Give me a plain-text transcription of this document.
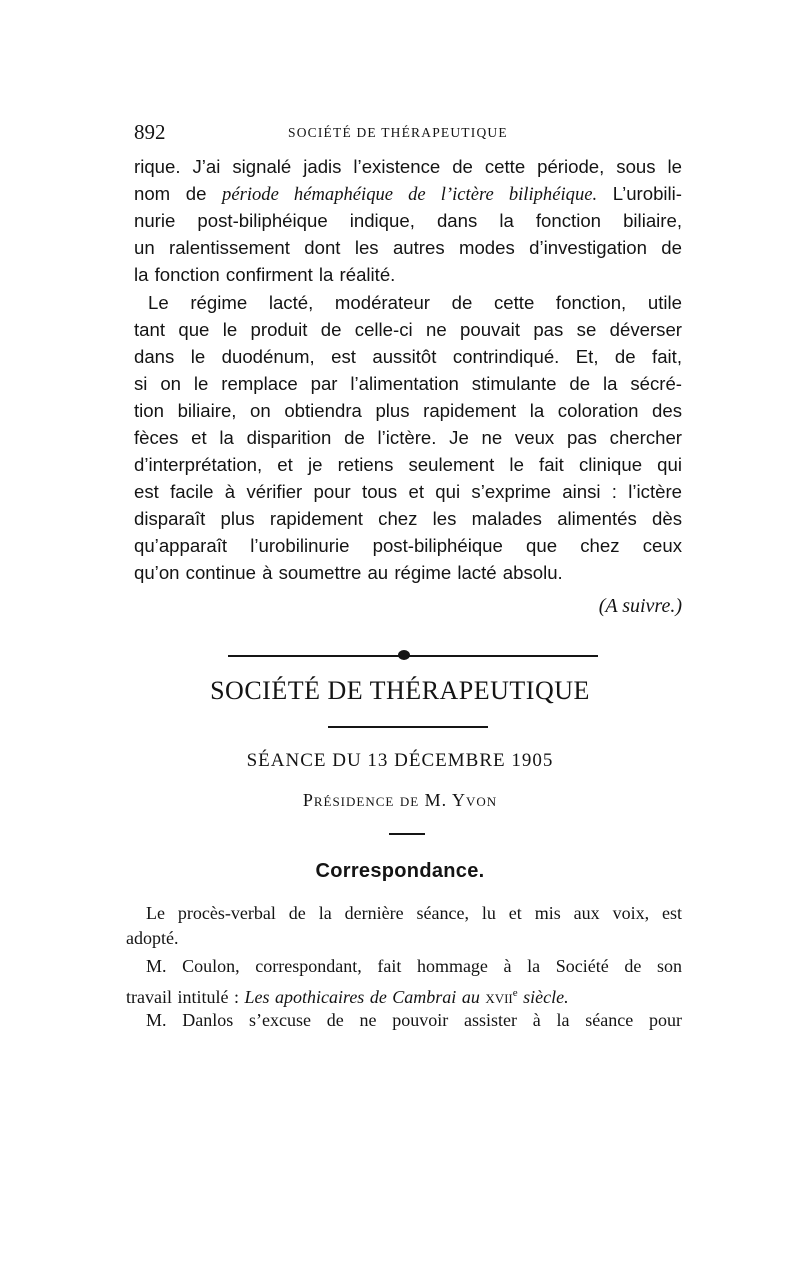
892	SOCIÉTÉ DE THÉRAPEUTIQUE
rique. J’ai signalé jadis l’existence de cette période, sous le
nom de période hémaphéique de l’ictère biliphéique. L’urobili-
nurie post-biliphéique indique, dans la fonction biliaire,
un ralentissement dont les autres modes d’investigation de
la fonction confirment la réalité.
Le régime lacté, modérateur de cette fonction, utile
tant que le produit de celle-ci ne pouvait pas se déverser
dans le duodénum, est aussitôt contrindiqué. Et, de fait,
si on le remplace par l’alimentation stimulante de la sécré-
tion biliaire, on obtiendra plus rapidement la coloration des
fèces et la disparition de l’ictère. Je ne veux pas chercher
d’interprétation, et je retiens seulement le fait clinique qui
est facile à vérifier pour tous et qui s’exprime ainsi : l’ictère
disparaît plus rapidement chez les malades alimentés dès
qu’apparaît l’urobilinurie post-biliphéique que chez ceux
qu’on continue à soumettre au régime lacté absolu.
(A suivre.)
SOCIÉTÉ DE THÉRAPEUTIQUE
SÉANCE DU 13 DÉCEMBRE 1905
Présidence de M. Yvon
Correspondance.
Le procès-verbal de la dernière séance, lu et mis aux voix, est
adopté.
M. Coulon, correspondant, fait hommage à la Société de son
travail intitulé : Les apothicaires de Cambrai au xvii$^e$ siècle.
M. Danlos s’excuse de ne pouvoir assister à la séance pour
